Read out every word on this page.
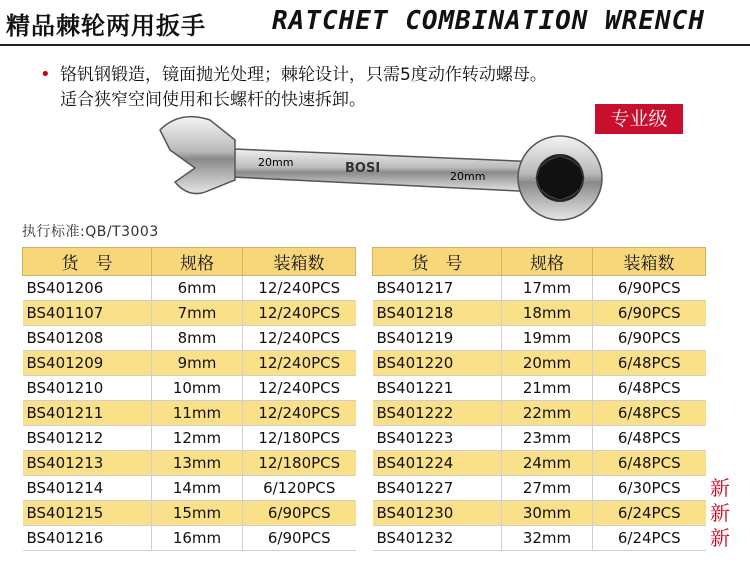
精品棘轮两用扳手	RATCHET COMBINATION WRENCH
• 铬钒钢锻造，镜面抛光处理；棘轮设计，只需5度动作转动螺母。
适合狭窄空间使用和长螺杆的快速拆卸。
专业级
20mm
20mm
BOSI
执行标准:QB/T3003
货　号	规格	装箱数
BS401206	6mm	12/240PCS
BS401107	7mm	12/240PCS
BS401208	8mm	12/240PCS
BS401209	9mm	12/240PCS
BS401210	10mm	12/240PCS
BS401211	11mm	12/240PCS
BS401212	12mm	12/180PCS
BS401213	13mm	12/180PCS
BS401214	14mm	6/120PCS
BS401215	15mm	6/90PCS
BS401216	16mm	6/90PCS
货　号	规格	装箱数
BS401217	17mm	6/90PCS
BS401218	18mm	6/90PCS
BS401219	19mm	6/90PCS
BS401220	20mm	6/48PCS
BS401221	21mm	6/48PCS
BS401222	22mm	6/48PCS
BS401223	23mm	6/48PCS
BS401224	24mm	6/48PCS
BS401227	27mm	6/30PCS
BS401230	30mm	6/24PCS
BS401232	32mm	6/24PCS
新
新
新
